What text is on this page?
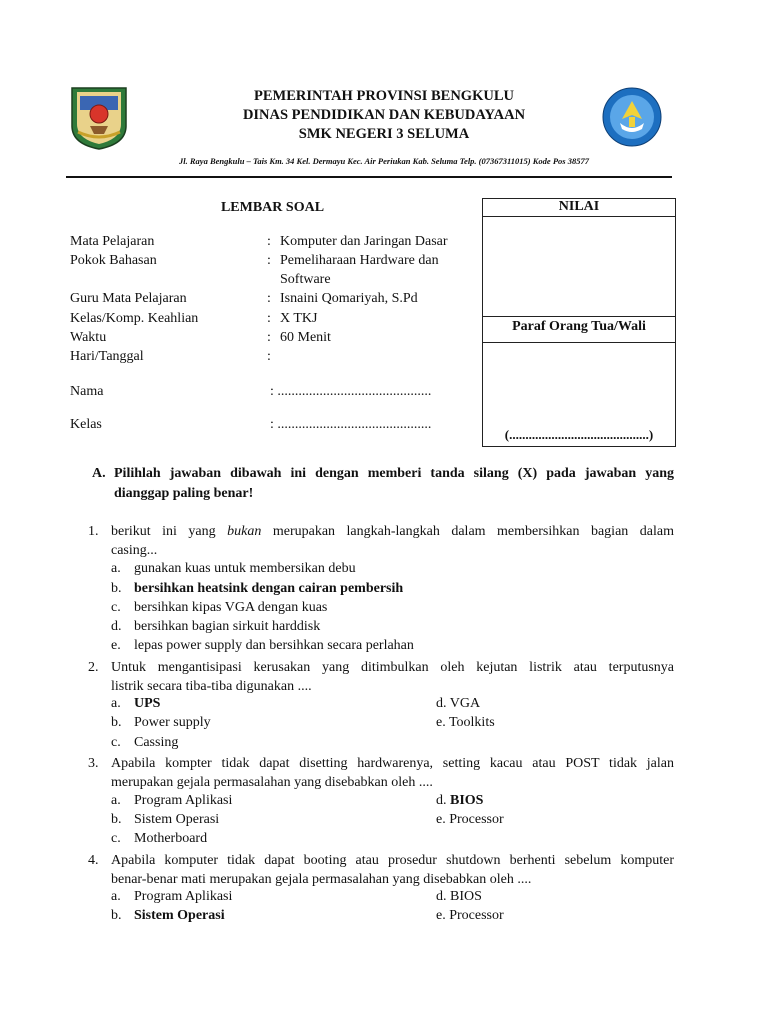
PEMERINTAH PROVINSI BENGKULU
DINAS PENDIDIKAN DAN KEBUDAYAAN
SMK NEGERI 3 SELUMA
Jl. Raya Bengkulu – Tais Km. 34 Kel. Dermayu Kec. Air Periukan Kab. Seluma Telp. (07367311015) Kode Pos 38577
LEMBAR SOAL
Mata Pelajaran	: Komputer dan Jaringan Dasar
Pokok Bahasan	: Pemeliharaan Hardware dan
Software
Guru Mata Pelajaran	: Isnaini Qomariyah, S.Pd
Kelas/Komp. Keahlian	: X TKJ
Waktu	: 60 Menit
Hari/Tanggal	:
Nama	: ............................................
Kelas	: ............................................
NILAI
Paraf Orang Tua/Wali
(...........................................)
A. Pilihlah jawaban dibawah ini dengan memberi tanda silang (X) pada jawaban yang
dianggap paling benar!
1. berikut ini yang bukan merupakan langkah-langkah dalam membersihkan bagian dalam
casing...
a. gunakan kuas untuk membersikan debu
b. bersihkan heatsink dengan cairan pembersih
c. bersihkan kipas VGA dengan kuas
d. bersihkan bagian sirkuit harddisk
e. lepas power supply dan bersihkan secara perlahan
2. Untuk mengantisipasi kerusakan yang ditimbulkan oleh kejutan listrik atau terputusnya
listrik secara tiba-tiba digunakan ....
a. UPS	d. VGA
b. Power supply	e. Toolkits
c. Cassing
3. Apabila kompter tidak dapat disetting hardwarenya, setting kacau atau POST tidak jalan
merupakan gejala permasalahan yang disebabkan oleh ....
a. Program Aplikasi	d. BIOS
b. Sistem Operasi	e. Processor
c. Motherboard
4. Apabila komputer tidak dapat booting atau prosedur shutdown berhenti sebelum komputer
benar-benar mati merupakan gejala permasalahan yang disebabkan oleh ....
a. Program Aplikasi	d. BIOS
b. Sistem Operasi	e. Processor
